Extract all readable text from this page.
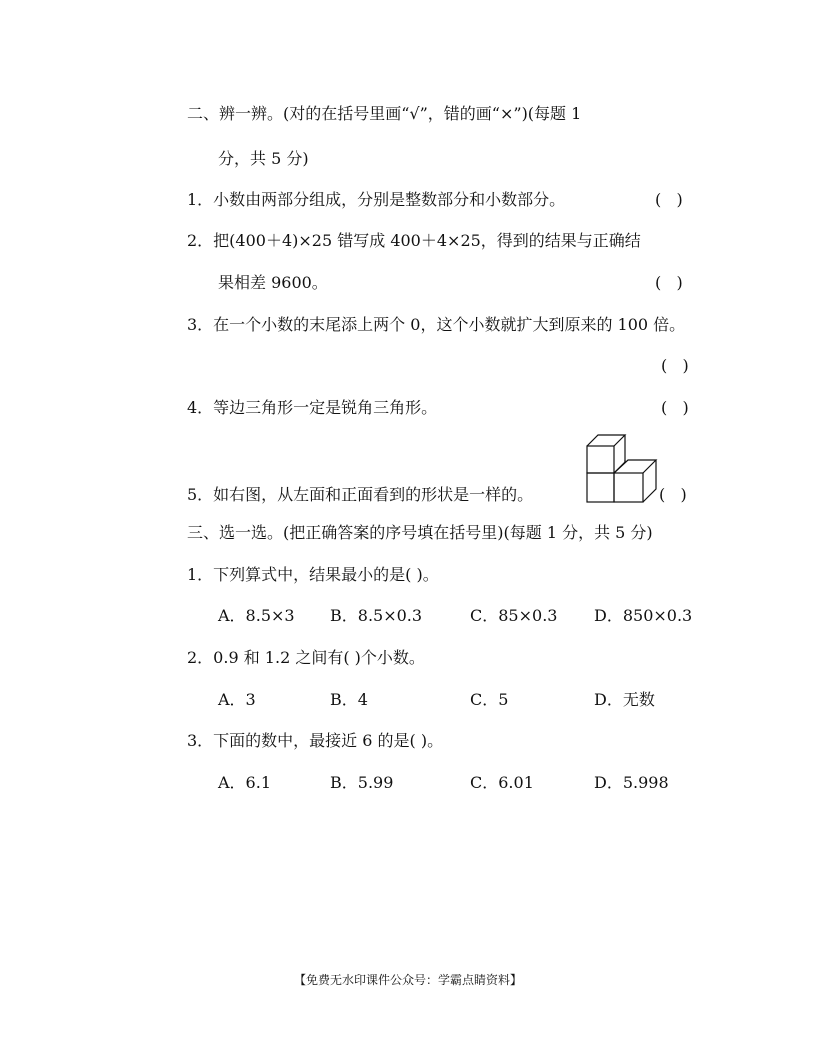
二、辨一辨。(对的在括号里画“√”，错的画“×”)(每题 1
分，共 5 分)
1．小数由两部分组成，分别是整数部分和小数部分。	(   )
2．把(400＋4)×25 错写成 400＋4×25，得到的结果与正确结
果相差 9600。	(   )
3．在一个小数的末尾添上两个 0，这个小数就扩大到原来的 100 倍。
(   )
4．等边三角形一定是锐角三角形。	(   )
5．如右图，从左面和正面看到的形状是一样的。	(   )
三、选一选。(把正确答案的序号填在括号里)(每题 1 分，共 5 分)
1．下列算式中，结果最小的是( )。
A．8.5×3 B．8.5×0.3	C．85×0.3 D．850×0.3
2．0.9 和 1.2 之间有( )个小数。
A．3	B．4	C．5	D．无数
3．下面的数中，最接近 6 的是( )。
A．6.1	B．5.99	C．6.01	D．5.998
【免费无水印课件公众号：学霸点睛资料】
